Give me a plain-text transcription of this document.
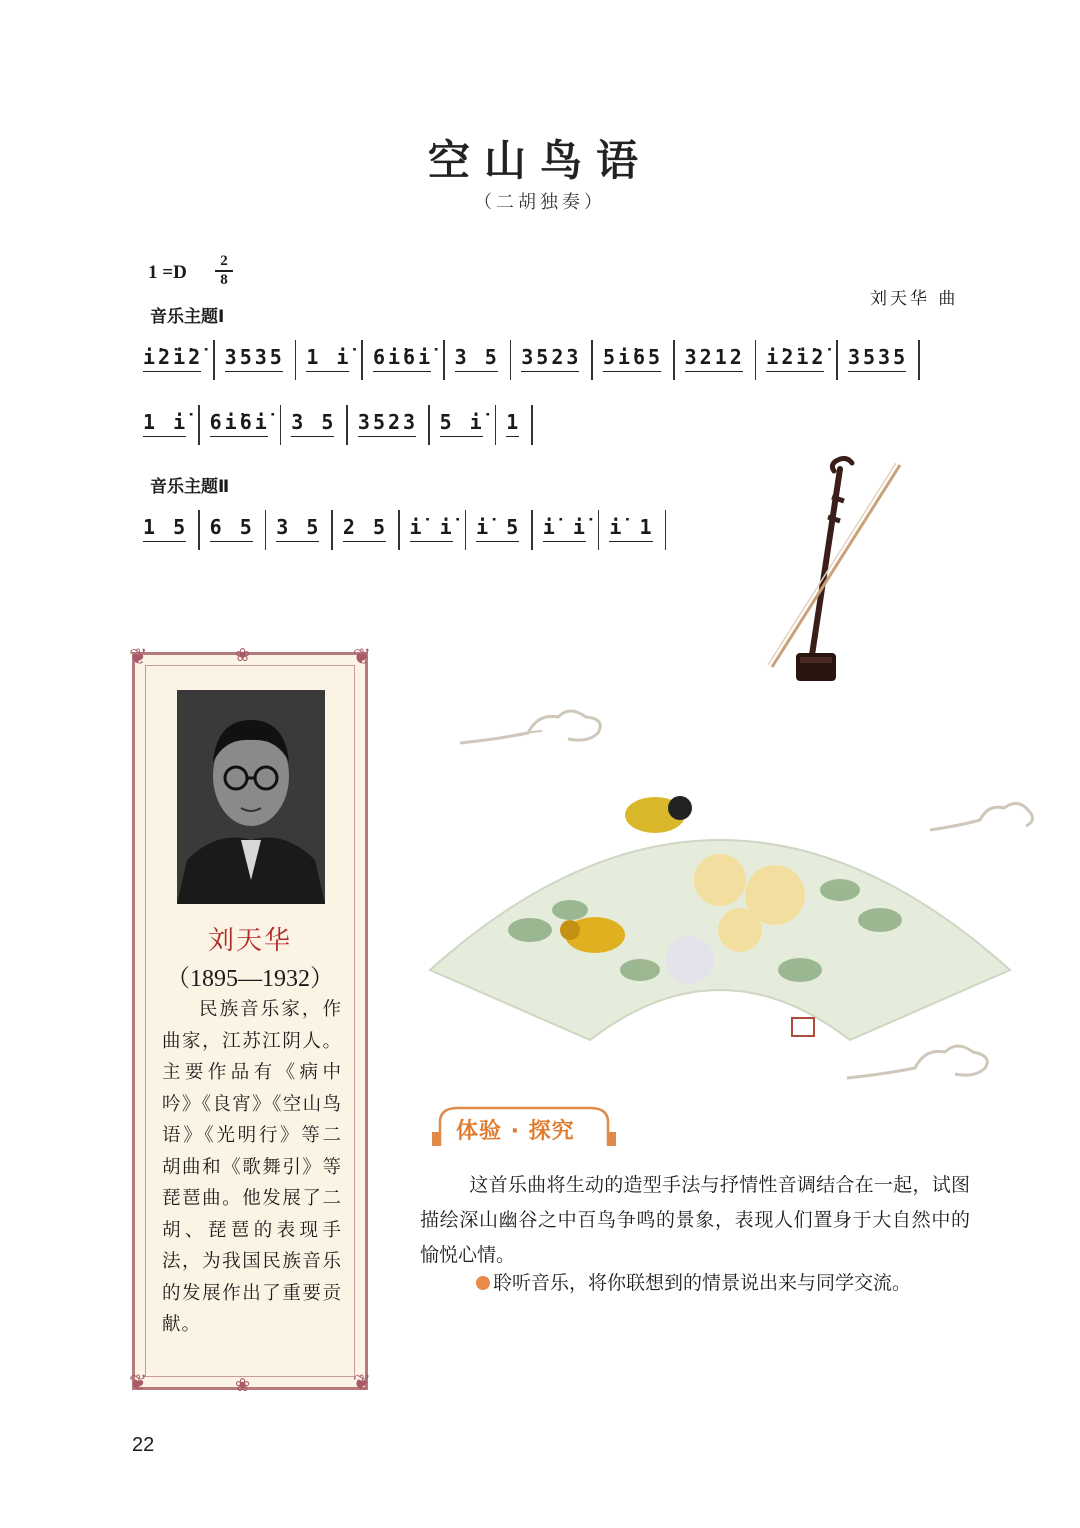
空山鸟语
（二胡独奏）
1 =D
2
8
刘天华 曲
音乐主题Ⅰ
i̇2̇i̇2̇	3535	1 i̇	6i̇6i̇	3 5	3523	5i̇65	3212	i̇2̇i̇2̇	3535
1 i̇	6i̇6i̇	3 5	3523	5 i̇	1
音乐主题Ⅱ
1 5	6 5	3 5	2 5	i̇ i̇	i̇ 5	i̇ i̇	i̇ 1
❦	❦
❦	❦
❀
❀
刘天华
（1895—1932）
民族音乐家，作曲家，江苏江阴人。主要作品有《病中吟》《良宵》《空山鸟语》《光明行》等二胡曲和《歌舞引》等琵琶曲。他发展了二胡、琵琶的表现手法，为我国民族音乐的发展作出了重要贡献。
体验 · 探究
这首乐曲将生动的造型手法与抒情性音调结合在一起，试图描绘深山幽谷之中百鸟争鸣的景象，表现人们置身于大自然中的愉悦心情。
聆听音乐，将你联想到的情景说出来与同学交流。
22
